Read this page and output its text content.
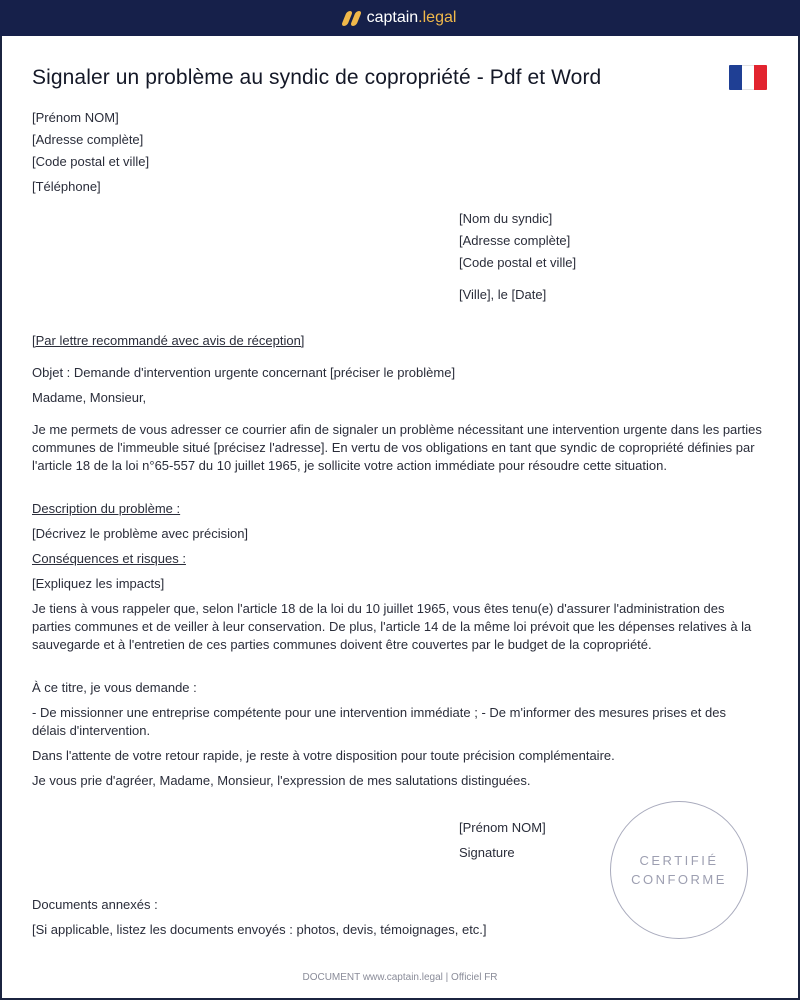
captain.legal
Signaler un problème au syndic de copropriété - Pdf et Word
[Prénom NOM]
[Adresse complète]
[Code postal et ville]
[Téléphone]
[Nom du syndic]
[Adresse complète]
[Code postal et ville]
[Ville], le [Date]
[Par lettre recommandé avec avis de réception]
Objet : Demande d'intervention urgente concernant [préciser le problème]
Madame, Monsieur,
Je me permets de vous adresser ce courrier afin de signaler un problème nécessitant une intervention urgente dans les parties communes de l'immeuble situé [précisez l'adresse]. En vertu de vos obligations en tant que syndic de copropriété définies par l'article 18 de la loi n°65-557 du 10 juillet 1965, je sollicite votre action immédiate pour résoudre cette situation.
Description du problème :
[Décrivez le problème avec précision]
Conséquences et risques :
[Expliquez les impacts]
Je tiens à vous rappeler que, selon l'article 18 de la loi du 10 juillet 1965, vous êtes tenu(e) d'assurer l'administration des parties communes et de veiller à leur conservation. De plus, l'article 14 de la même loi prévoit que les dépenses relatives à la sauvegarde et à l'entretien de ces parties communes doivent être couvertes par le budget de la copropriété.
À ce titre, je vous demande :
- De missionner une entreprise compétente pour une intervention immédiate ; - De m'informer des mesures prises et des délais d'intervention.
Dans l'attente de votre retour rapide, je reste à votre disposition pour toute précision complémentaire.
Je vous prie d'agréer, Madame, Monsieur, l'expression de mes salutations distinguées.
[Prénom NOM]
Signature
CERTIFIÉ
CONFORME
Documents annexés :
[Si applicable, listez les documents envoyés : photos, devis, témoignages, etc.]
DOCUMENT www.captain.legal | Officiel FR
